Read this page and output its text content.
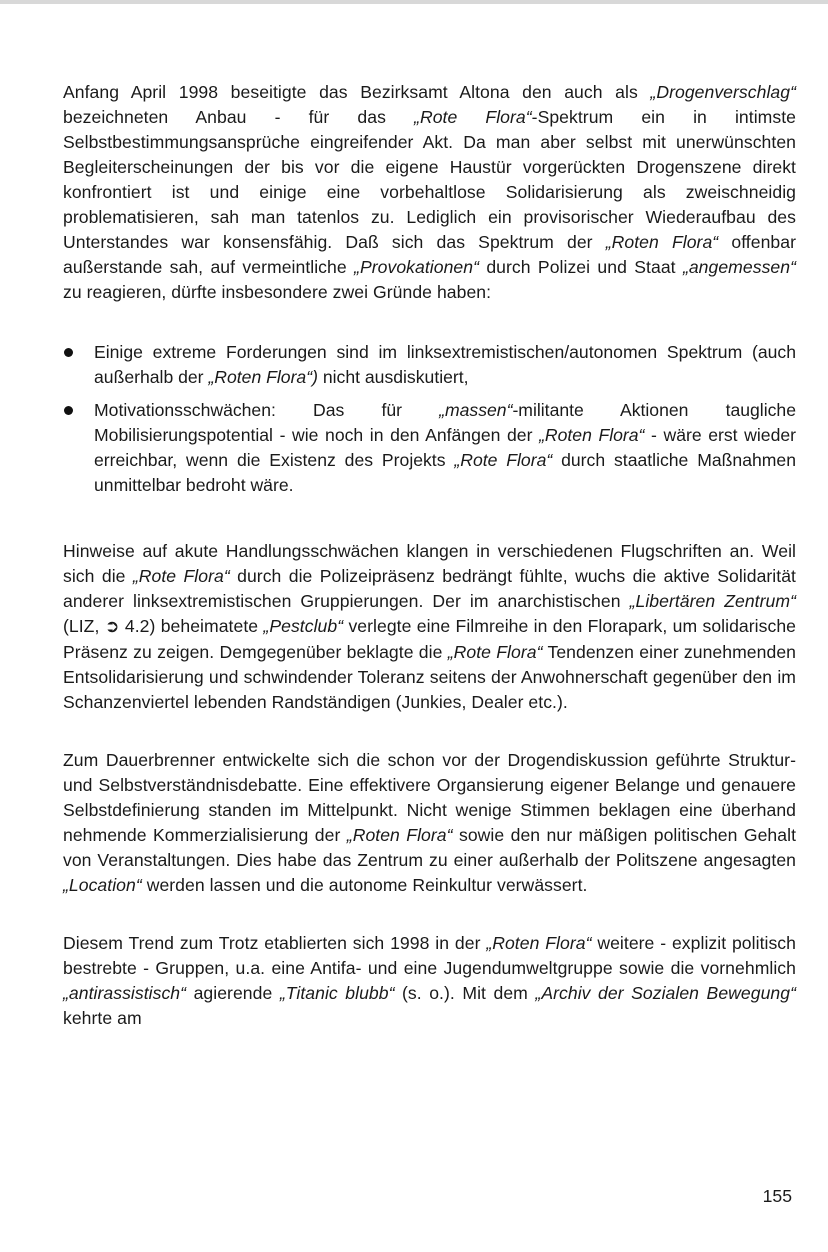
Anfang April 1998 beseitigte das Bezirksamt Altona den auch als „Drogenverschlag“ bezeichneten Anbau - für das „Rote Flora“-Spektrum ein in intimste Selbstbestimmungsansprüche eingreifender Akt. Da man aber selbst mit unerwünschten Begleiterscheinungen der bis vor die eigene Haustür vorgerückten Drogenszene direkt konfrontiert ist und einige eine vorbehaltlose Solidarisierung als zweischneidig problematisieren, sah man tatenlos zu. Lediglich ein provisorischer Wiederaufbau des Unterstandes war konsensfähig. Daß sich das Spektrum der „Roten Flora“ offenbar außerstande sah, auf vermeintliche „Provokationen“ durch Polizei und Staat „angemessen“ zu reagieren, dürfte insbesondere zwei Gründe haben:

Einige extreme Forderungen sind im linksextremistischen/autonomen Spektrum (auch außerhalb der „Roten Flora“) nicht ausdiskutiert,
Motivationsschwächen: Das für „massen“-militante Aktionen taugliche Mobilisierungspotential - wie noch in den Anfängen der „Roten Flora“ - wäre erst wieder erreichbar, wenn die Existenz des Projekts „Rote Flora“ durch staatliche Maßnahmen unmittelbar bedroht wäre.

Hinweise auf akute Handlungsschwächen klangen in verschiedenen Flugschriften an. Weil sich die „Rote Flora“ durch die Polizeipräsenz bedrängt fühlte, wuchs die aktive Solidarität anderer linksextremistischen Gruppierungen. Der im anarchistischen „Libertären Zentrum“ (LIZ, ➲ 4.2) beheimatete „Pestclub“ verlegte eine Filmreihe in den Florapark, um solidarische Präsenz zu zeigen. Demgegenüber beklagte die „Rote Flora“ Tendenzen einer zunehmenden Entsolidarisierung und schwindender Toleranz seitens der Anwohnerschaft gegenüber den im Schanzenviertel lebenden Randständigen (Junkies, Dealer etc.).

Zum Dauerbrenner entwickelte sich die schon vor der Drogendiskussion geführte Struktur- und Selbstverständnisdebatte. Eine effektivere Organsierung eigener Belange und genauere Selbstdefinierung standen im Mittelpunkt. Nicht wenige Stimmen beklagen eine überhand nehmende Kommerzialisierung der „Roten Flora“ sowie den nur mäßigen politischen Gehalt von Veranstaltungen. Dies habe das Zentrum zu einer außerhalb der Politszene angesagten „Location“ werden lassen und die autonome Reinkultur verwässert.

Diesem Trend zum Trotz etablierten sich 1998 in der „Roten Flora“ weitere - explizit politisch bestrebte - Gruppen, u.a. eine Antifa- und eine Jugendumweltgruppe sowie die vornehmlich „antirassistisch“ agierende „Titanic blubb“ (s. o.). Mit dem „Archiv der Sozialen Bewegung“ kehrte am

155
